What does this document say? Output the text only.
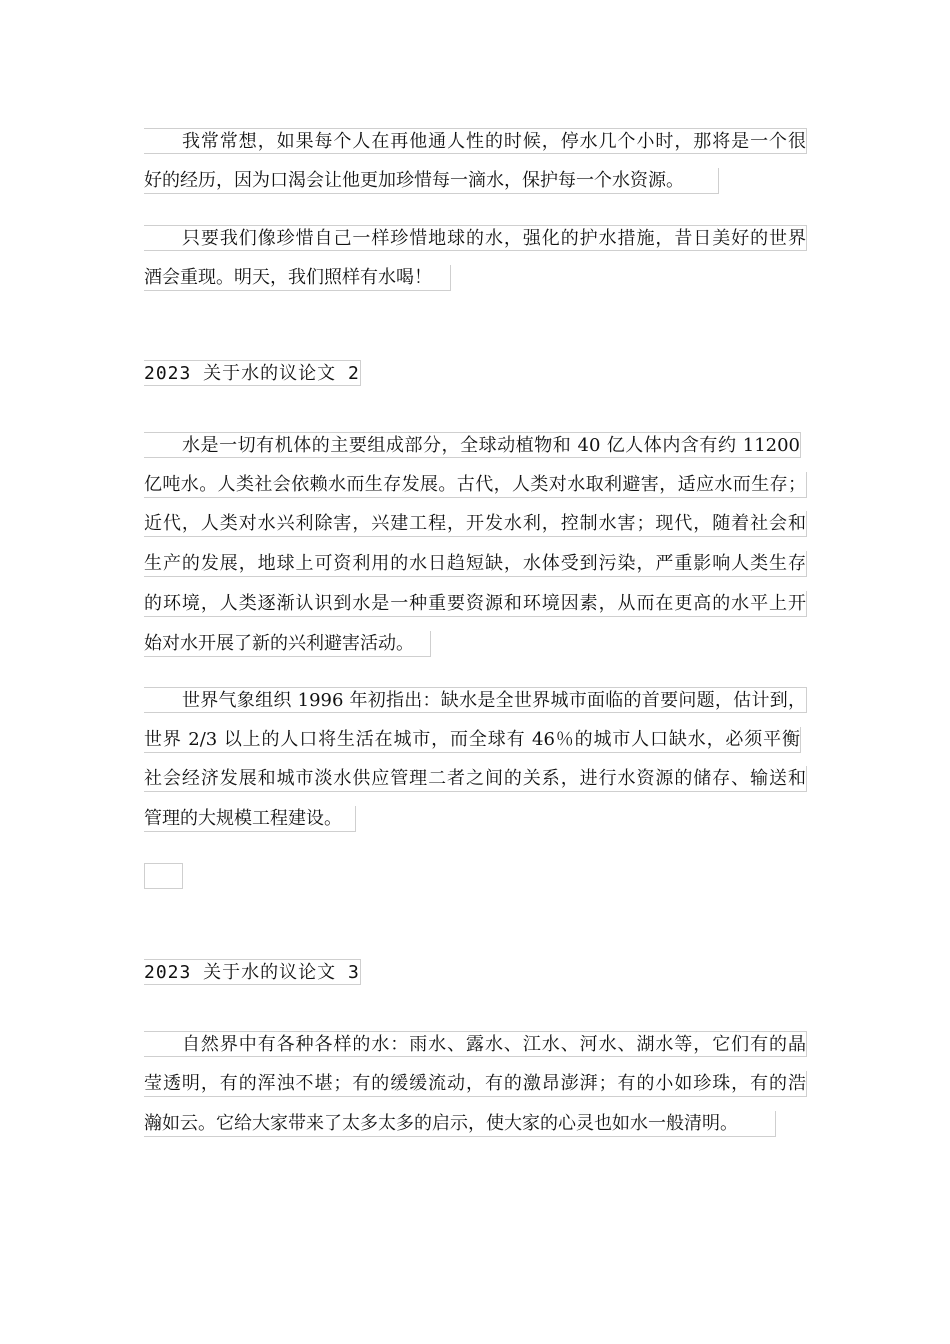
我常常想，如果每个人在再他通人性的时候，停水几个小时，那将是一个很
好的经历，因为口渴会让他更加珍惜每一滴水，保护每一个水资源。
只要我们像珍惜自己一样珍惜地球的水，强化的护水措施，昔日美好的世界
酒会重现。明天，我们照样有水喝！
2023 关于水的议论文 2
水是一切有机体的主要组成部分，全球动植物和 40 亿人体内含有约 11200
亿吨水。人类社会依赖水而生存发展。古代，人类对水取利避害，适应水而生存；
近代，人类对水兴利除害，兴建工程，开发水利，控制水害；现代，随着社会和
生产的发展，地球上可资利用的水日趋短缺，水体受到污染，严重影响人类生存
的环境，人类逐渐认识到水是一种重要资源和环境因素，从而在更高的水平上开
始对水开展了新的兴利避害活动。
世界气象组织 1996 年初指出：缺水是全世界城市面临的首要问题，估计到，
世界 2/3 以上的人口将生活在城市，而全球有 46％的城市人口缺水，必须平衡
社会经济发展和城市淡水供应管理二者之间的关系，进行水资源的储存、输送和
管理的大规模工程建设。
2023 关于水的议论文 3
自然界中有各种各样的水：雨水、露水、江水、河水、湖水等，它们有的晶
莹透明，有的浑浊不堪；有的缓缓流动，有的激昂澎湃；有的小如珍珠，有的浩
瀚如云。它给大家带来了太多太多的启示，使大家的心灵也如水一般清明。
